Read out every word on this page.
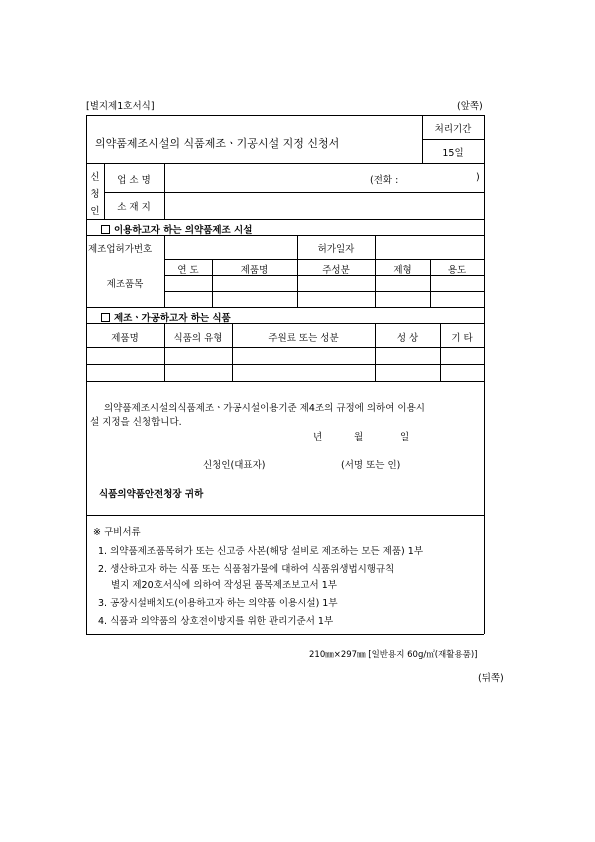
[별지제1호서식]	(앞쪽)
의약품제조시설의 식품제조ㆍ기공시설 지정 신청서
처리기간
15일
신
청
인
업 소 명	(전화 :	)
소 재 지
이용하고자 하는 의약품제조 시설
제조업허가번호	허가일자
제조품목
연 도	제품명	주성분	제형	용도
제조ㆍ가공하고자 하는 식품
제품명	식품의 유형	주원료 또는 성분	성 상	기 타
의약품제조시설의식품제조ㆍ가공시설이용기준 제4조의 규정에 의하여 이용시
설 지정을 신청합니다.
년	월	일
신청인(대표자)	(서명 또는 인)
식품의약품안전청장 귀하
※ 구비서류
1. 의약품제조품목허가 또는 신고증 사본(해당 설비로 제조하는 모든 제품) 1부
2. 생산하고자 하는 식품 또는 식품첨가물에 대하여 식품위생법시행규칙
별지 제20호서식에 의하여 작성된 품목제조보고서 1부
3. 공장시설배치도(이용하고자 하는 의약품 이용시설) 1부
4. 식품과 의약품의 상호전이방지를 위한 관리기준서 1부
210㎜×297㎜ [일반용지 60g/㎡(재활용품)]
(뒤쪽)
